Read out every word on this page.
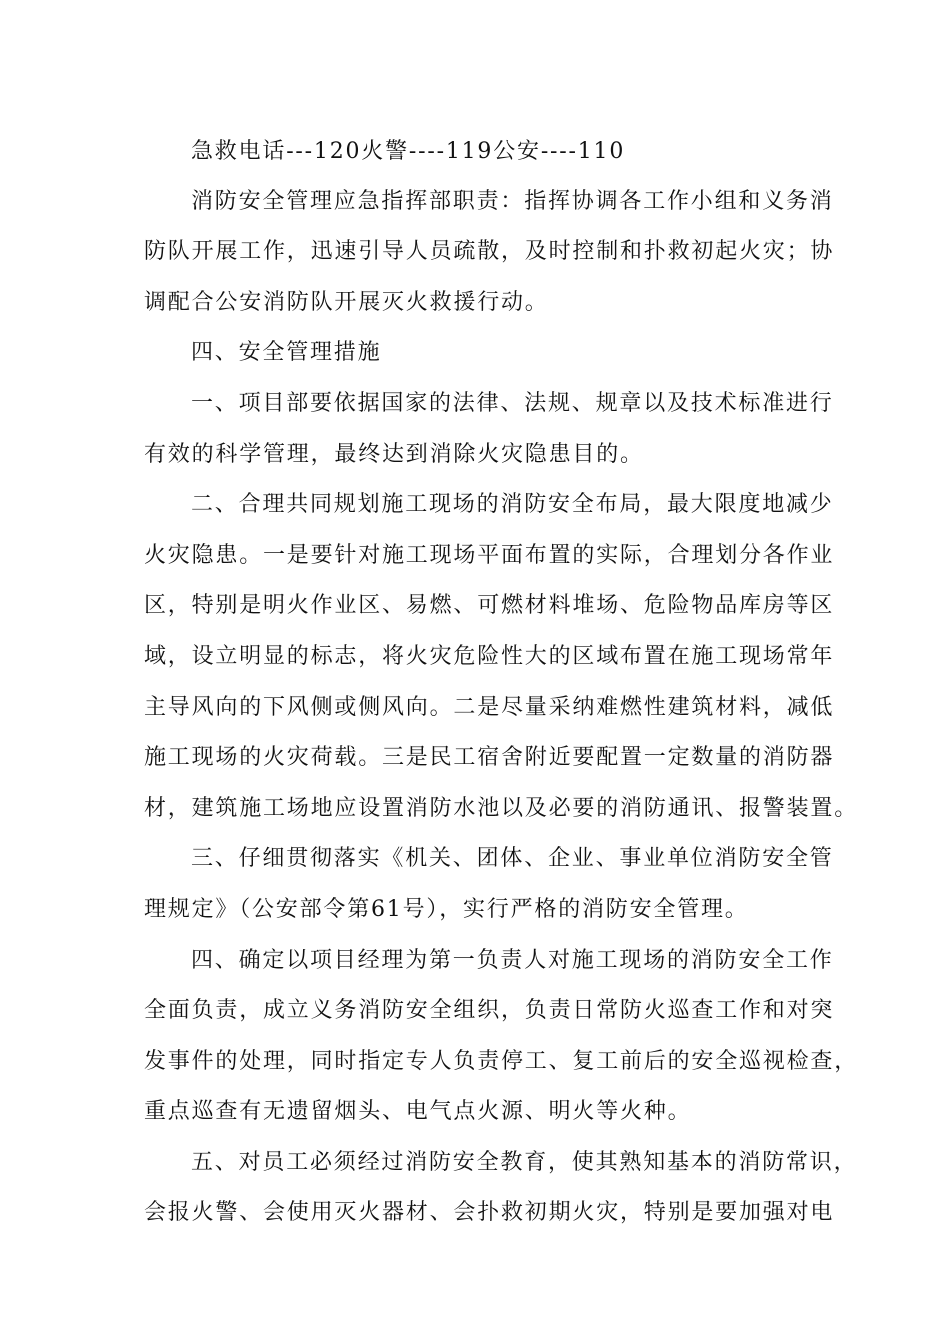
急救电话---120火警----119公安----110
消防安全管理应急指挥部职责：指挥协调各工作小组和义务消
防队开展工作，迅速引导人员疏散，及时控制和扑救初起火灾；协
调配合公安消防队开展灭火救援行动。
四、安全管理措施
一、项目部要依据国家的法律、法规、规章以及技术标准进行
有效的科学管理，最终达到消除火灾隐患目的。
二、合理共同规划施工现场的消防安全布局，最大限度地减少
火灾隐患。一是要针对施工现场平面布置的实际，合理划分各作业
区，特别是明火作业区、易燃、可燃材料堆场、危险物品库房等区
域，设立明显的标志，将火灾危险性大的区域布置在施工现场常年
主导风向的下风侧或侧风向。二是尽量采纳难燃性建筑材料，减低
施工现场的火灾荷载。三是民工宿舍附近要配置一定数量的消防器
材，建筑施工场地应设置消防水池以及必要的消防通讯、报警装置。
三、仔细贯彻落实《机关、团体、企业、事业单位消防安全管
理规定》（公安部令第61号），实行严格的消防安全管理。
四、确定以项目经理为第一负责人对施工现场的消防安全工作
全面负责，成立义务消防安全组织，负责日常防火巡查工作和对突
发事件的处理，同时指定专人负责停工、复工前后的安全巡视检查，
重点巡查有无遗留烟头、电气点火源、明火等火种。
五、对员工必须经过消防安全教育，使其熟知基本的消防常识，
会报火警、会使用灭火器材、会扑救初期火灾，特别是要加强对电
